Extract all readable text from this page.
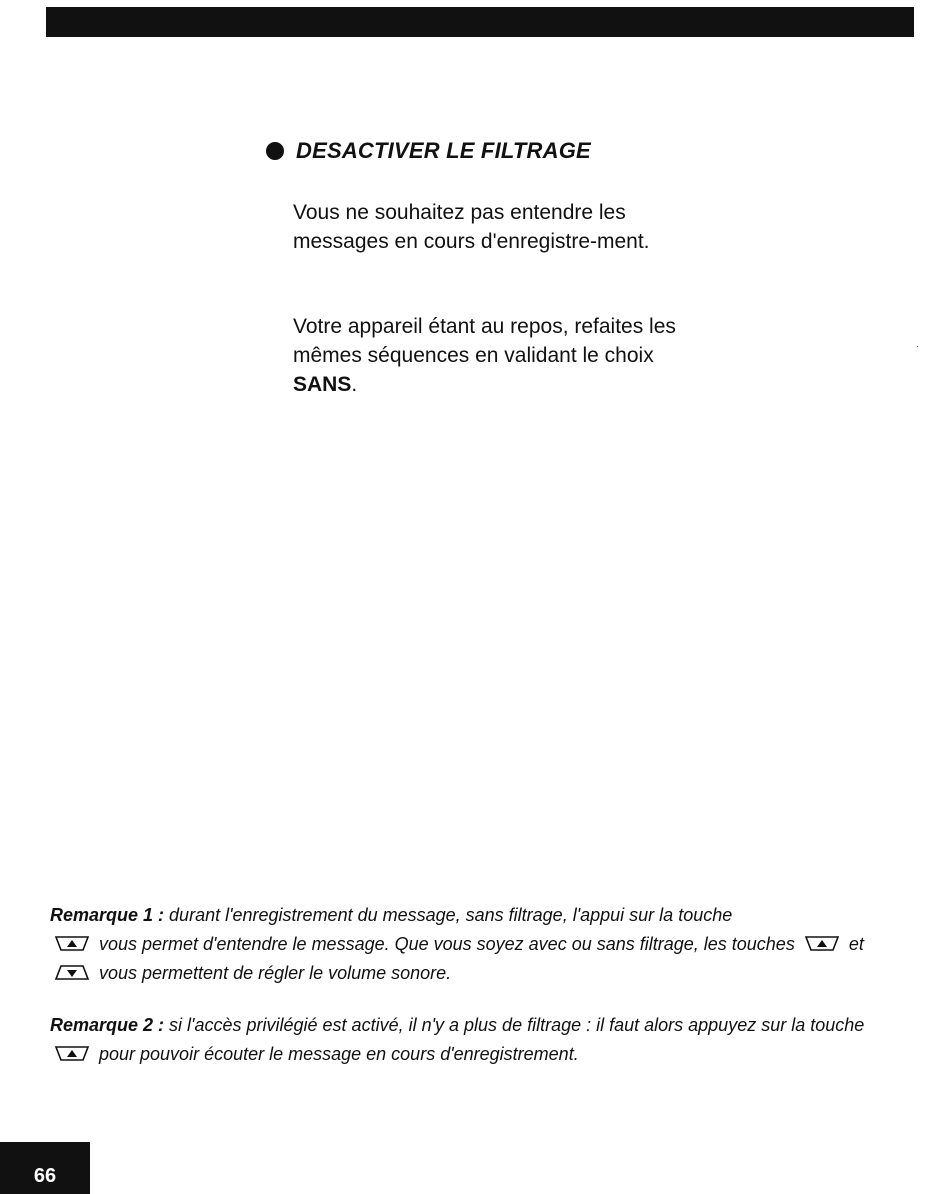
DESACTIVER LE FILTRAGE

Vous ne souhaitez pas entendre les messages en cours d'enregistre-ment.

Votre appareil étant au repos, refaites les mêmes séquences en validant le choix SANS.

Remarque 1 : durant l'enregistrement du message, sans filtrage, l'appui sur la touche

vous permet d'entendre le message. Que vous soyez avec ou sans filtrage, les touches
et
vous permettent de régler le volume sonore.

Remarque 2 : si l'accès privilégié est activé, il n'y a plus de filtrage : il faut alors appuyez sur la touche
pour pouvoir écouter le message en cours d'enregistrement.

66
